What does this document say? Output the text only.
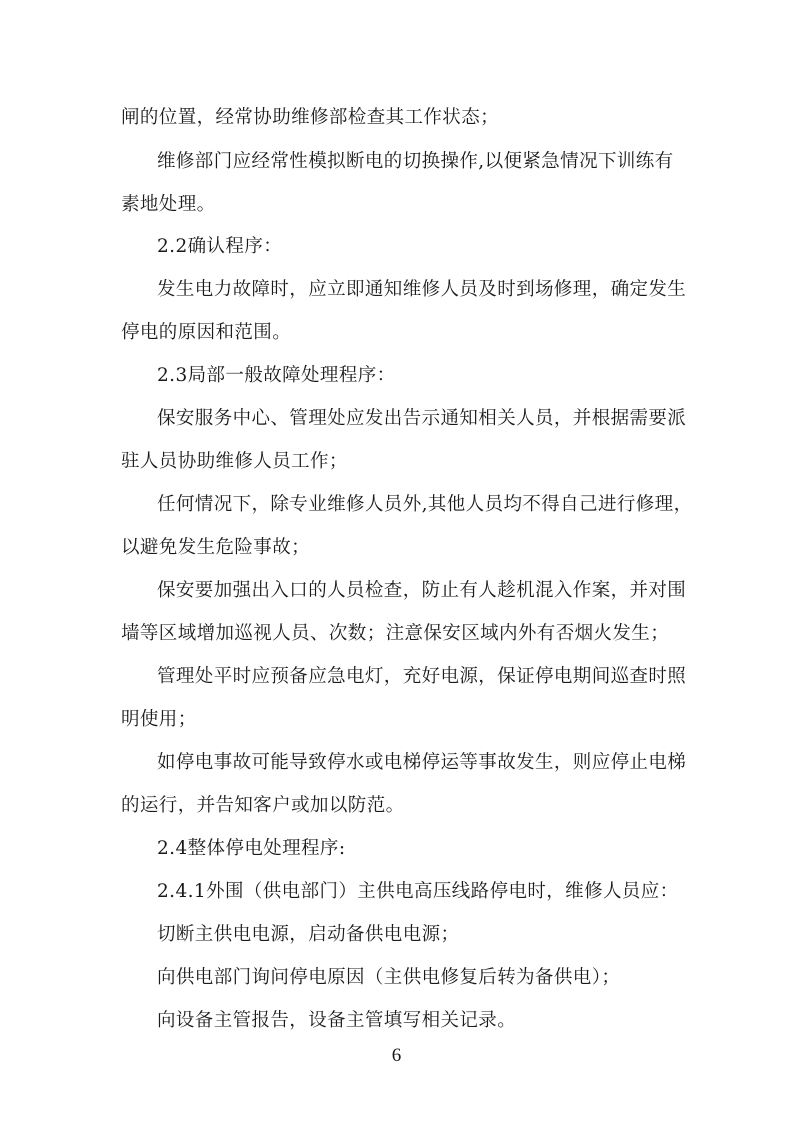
闸的位置，经常协助维修部检查其工作状态；
维修部门应经常性模拟断电的切换操作,以便紧急情况下训练有
素地处理。
2.2确认程序：
发生电力故障时，应立即通知维修人员及时到场修理，确定发生
停电的原因和范围。
2.3局部一般故障处理程序：
保安服务中心、管理处应发出告示通知相关人员，并根据需要派
驻人员协助维修人员工作；
任何情况下，除专业维修人员外,其他人员均不得自己进行修理，
以避免发生危险事故；
保安要加强出入口的人员检查，防止有人趁机混入作案，并对围
墙等区域增加巡视人员、次数；注意保安区域内外有否烟火发生；
管理处平时应预备应急电灯，充好电源，保证停电期间巡查时照
明使用；
如停电事故可能导致停水或电梯停运等事故发生，则应停止电梯
的运行，并告知客户或加以防范。
2.4整体停电处理程序:
2.4.1外围（供电部门）主供电高压线路停电时，维修人员应：
切断主供电电源，启动备供电电源；
向供电部门询问停电原因（主供电修复后转为备供电）；
向设备主管报告，设备主管填写相关记录。
6
